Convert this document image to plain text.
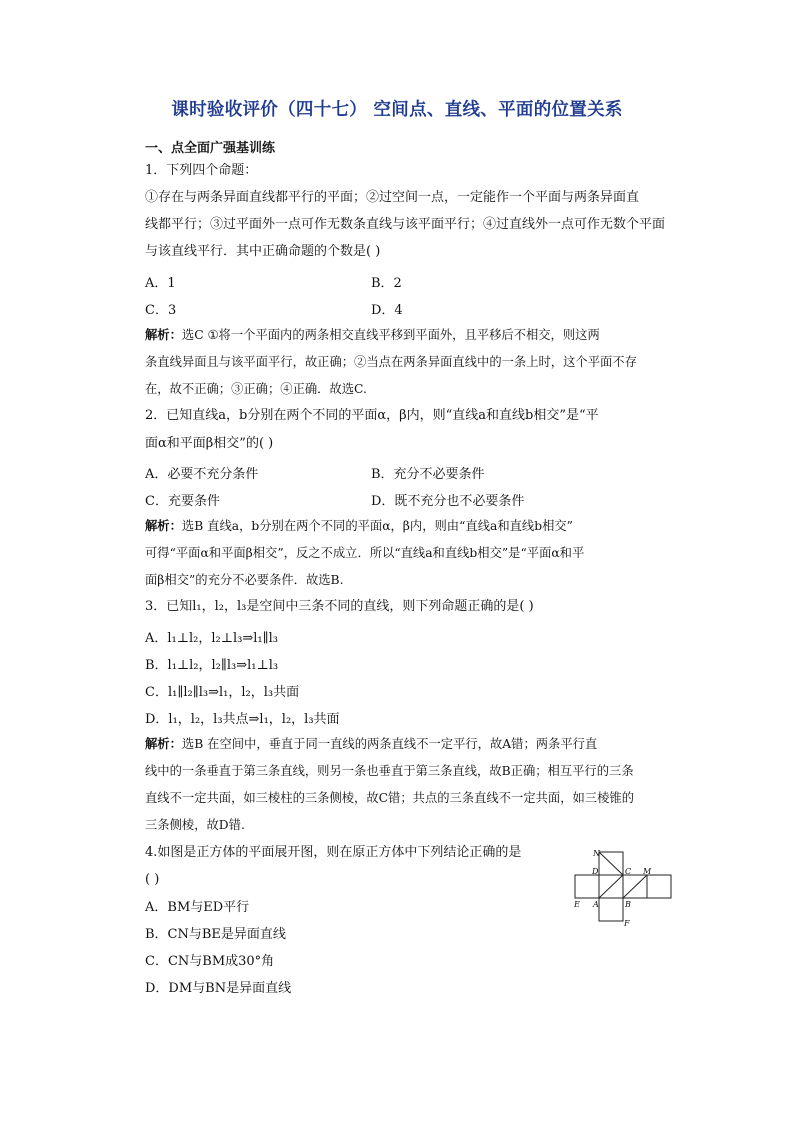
课时验收评价（四十七） 空间点、直线、平面的位置关系
一、点全面广强基训练
1．下列四个命题：
①存在与两条异面直线都平行的平面；②过空间一点，一定能作一个平面与两条异面直
线都平行；③过平面外一点可作无数条直线与该平面平行；④过直线外一点可作无数个平面
与该直线平行．其中正确命题的个数是( )
A．1	B．2
C．3	D．4
解析：选C ①将一个平面内的两条相交直线平移到平面外，且平移后不相交，则这两
条直线异面且与该平面平行，故正确；②当点在两条异面直线中的一条上时，这个平面不存
在，故不正确；③正确；④正确．故选C.
2．已知直线a，b分别在两个不同的平面α，β内，则“直线a和直线b相交”是“平
面α和平面β相交”的( )
A．必要不充分条件	B．充分不必要条件
C．充要条件	D．既不充分也不必要条件
解析：选B 直线a，b分别在两个不同的平面α，β内，则由“直线a和直线b相交”
可得“平面α和平面β相交”，反之不成立．所以“直线a和直线b相交”是“平面α和平
面β相交”的充分不必要条件．故选B.
3．已知l₁，l₂，l₃是空间中三条不同的直线，则下列命题正确的是( )
A．l₁⊥l₂，l₂⊥l₃⇒l₁∥l₃
B．l₁⊥l₂，l₂∥l₃⇒l₁⊥l₃
C．l₁∥l₂∥l₃⇒l₁，l₂，l₃共面
D．l₁，l₂，l₃共点⇒l₁，l₂，l₃共面
解析：选B 在空间中，垂直于同一直线的两条直线不一定平行，故A错；两条平行直
线中的一条垂直于第三条直线，则另一条也垂直于第三条直线，故B正确；相互平行的三条
直线不一定共面，如三棱柱的三条侧棱，故C错；共点的三条直线不一定共面，如三棱锥的
三条侧棱，故D错.
4.如图是正方体的平面展开图，则在原正方体中下列结论正确的是
( )
A．BM与ED平行
B．CN与BE是异面直线
C．CN与BM成30°角
D．DM与BN是异面直线
N
D	C M
E A	B
F
